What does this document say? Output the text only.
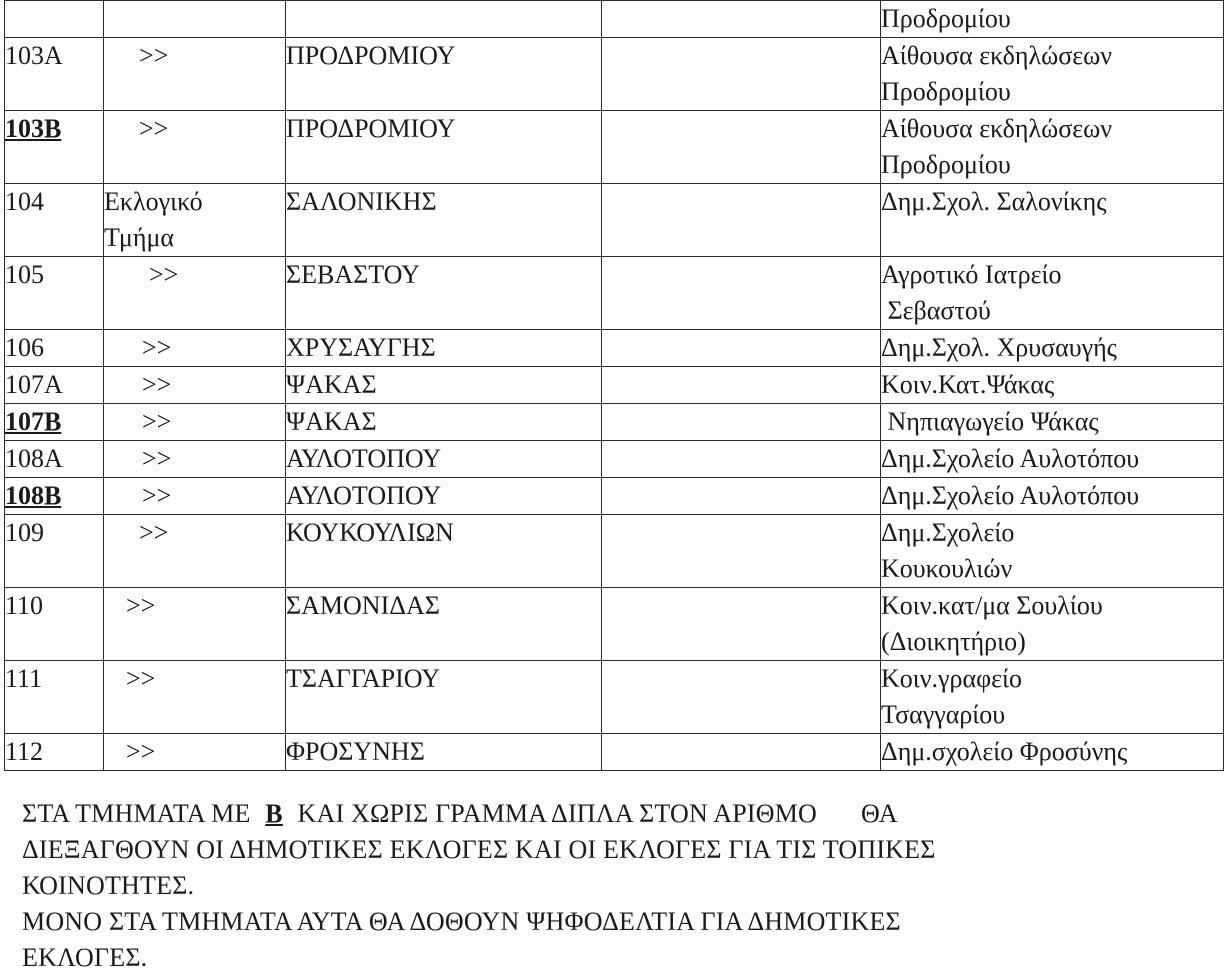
				Προδρομίου

103Α	>>	ΠΡΟΔΡΟΜΙΟΥ		Αίθουσα εκδηλώσεων
Προδρομίου

103Β	>>	ΠΡΟΔΡΟΜΙΟΥ		Αίθουσα εκδηλώσεων
Προδρομίου

104	Εκλογικό Τμήμα	ΣΑΛΟΝΙΚΗΣ		Δημ.Σχολ. Σαλονίκης

105	>>	ΣΕΒΑΣΤΟΥ		Αγροτικό Ιατρείο
Σεβαστού

106	>>	ΧΡΥΣΑΥΓΗΣ		Δημ.Σχολ. Χρυσαυγής

107Α	>>	ΨΑΚΑΣ		Κοιν.Κατ.Ψάκας

107Β	>>	ΨΑΚΑΣ		Νηπιαγωγείο Ψάκας

108Α	>>	ΑΥΛΟΤΟΠΟΥ		Δημ.Σχολείο Αυλοτόπου

108Β	>>	ΑΥΛΟΤΟΠΟΥ		Δημ.Σχολείο Αυλοτόπου

109	>>	ΚΟΥΚΟΥΛΙΩΝ		Δημ.Σχολείο
Κουκουλιών

110	>>	ΣΑΜΟΝΙΔΑΣ		Κοιν.κατ/μα Σουλίου
(Διοικητήριο)

111	>>	ΤΣΑΓΓΑΡΙΟΥ		Κοιν.γραφείο
Τσαγγαρίου

112	>>	ΦΡΟΣΥΝΗΣ		Δημ.σχολείο Φροσύνης

ΣΤΑ ΤΜΗΜΑΤΑ ΜΕ Β ΚΑΙ ΧΩΡΙΣ ΓΡΑΜΜΑ ΔΙΠΛΑ ΣΤΟΝ ΑΡΙΘΜΟ ΘΑ

ΔΙΕΞΑΓΘΟΥΝ ΟΙ ΔΗΜΟΤΙΚΕΣ ΕΚΛΟΓΕΣ ΚΑΙ ΟΙ ΕΚΛΟΓΕΣ ΓΙΑ ΤΙΣ ΤΟΠΙΚΕΣ

ΚΟΙΝΟΤΗΤΕΣ.

ΜΟΝΟ ΣΤΑ ΤΜΗΜΑΤΑ ΑΥΤΑ ΘΑ ΔΟΘΟΥΝ ΨΗΦΟΔΕΛΤΙΑ ΓΙΑ ΔΗΜΟΤΙΚΕΣ

ΕΚΛΟΓΕΣ.
